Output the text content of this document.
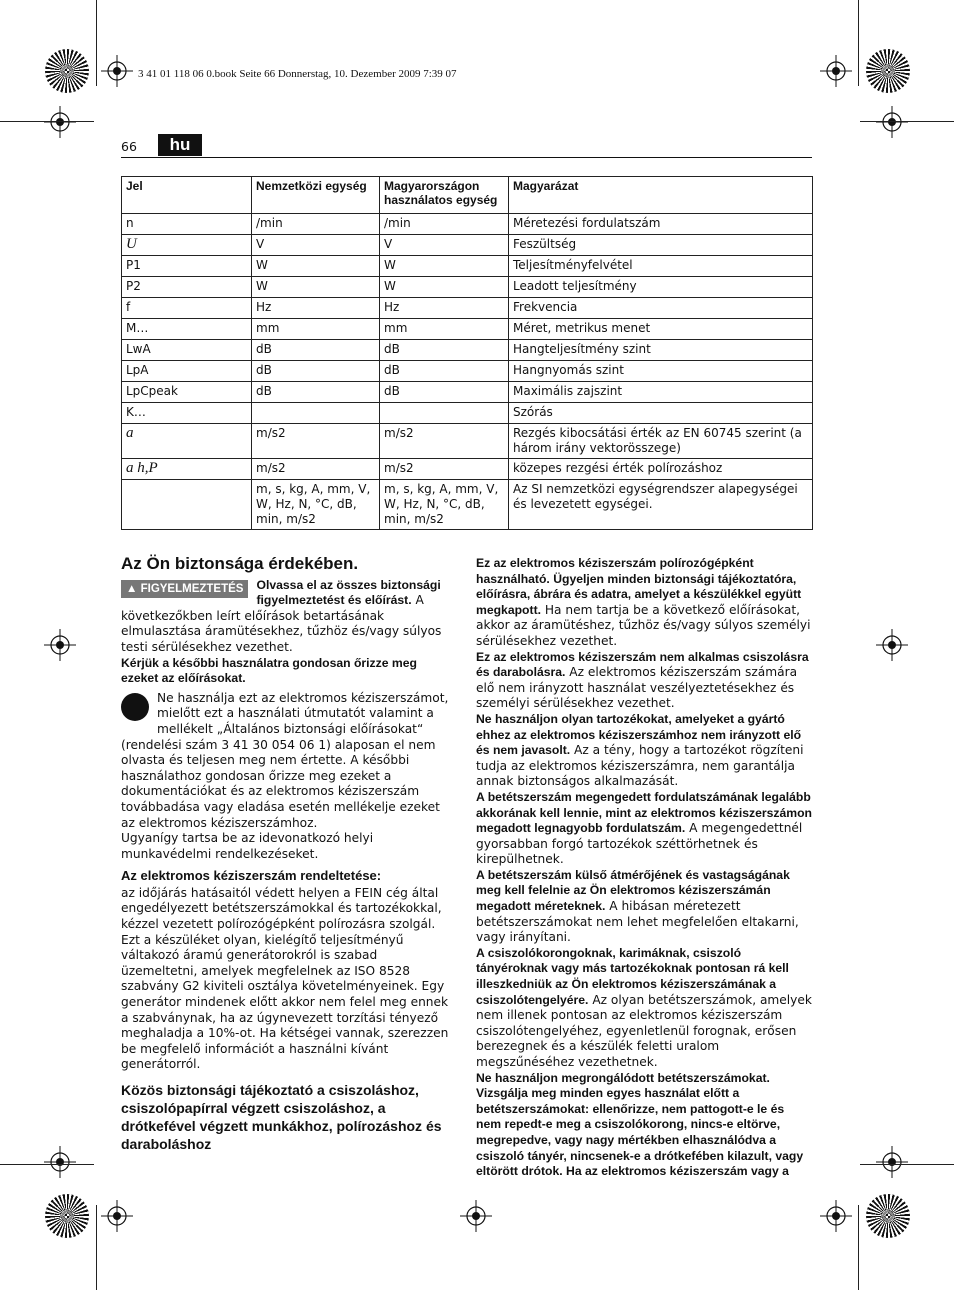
3 41 01 118 06 0.book Seite 66 Donnerstag, 10. Dezember 2009 7:39 07
66	hu
Jel	Nemzetközi egység	Magyarországon használatos egység	Magyarázat
n	/min	/min	Méretezési fordulatszám
U	V	V	Feszültség
P1	W	W	Teljesítményfelvétel
P2	W	W	Leadott teljesítmény
f	Hz	Hz	Frekvencia
M…	mm	mm	Méret, metrikus menet
LwA	dB	dB	Hangteljesítmény szint
LpA	dB	dB	Hangnyomás szint
LpCpeak	dB	dB	Maximális zajszint
K…			Szórás
a	m/s2	m/s2	Rezgés kibocsátási érték az EN 60745 szerint (a három irány vektorösszege)
a h,P	m/s2	m/s2	közepes rezgési érték polírozáshoz
	m, s, kg, A, mm, V, W, Hz, N, °C, dB, min, m/s2	m, s, kg, A, mm, V, W, Hz, N, °C, dB, min, m/s2	Az SI nemzetközi egységrendszer alapegységei és levezetett egységei.
Az Ön biztonsága érdekében.

▲ FIGYELMEZTETÉS	Olvassa el az összes biztonsági figyelmeztetést és előírást. A következőkben leírt előírások betartásának elmulasztása áramütésekhez, tűzhöz és/vagy súlyos testi sérülésekhez vezethet.

Kérjük a későbbi használatra gondosan őrizze meg ezeket az előírásokat.

Ne használja ezt az elektromos kéziszerszámot, mielőtt ezt a használati útmutatót valamint a mellékelt „Általános biztonsági előírásokat“ (rendelési szám 3 41 30 054 06 1) alaposan el nem olvasta és teljesen meg nem értette. A későbbi használathoz gondosan őrizze meg ezeket a dokumentációkat és az elektromos kéziszerszám továbbadása vagy eladása esetén mellékelje ezeket az elektromos kéziszerszámhoz.

Ugyanígy tartsa be az idevonatkozó helyi munkavédelmi rendelkezéseket.

Az elektromos kéziszerszám rendeltetése:

az időjárás hatásaitól védett helyen a FEIN cég által engedélyezett betétszerszámokkal és tartozékokkal, kézzel vezetett polírozógépként polírozásra szolgál.

Ezt a készüléket olyan, kielégítő teljesítményű váltakozó áramú generátorokról is szabad üzemeltetni, amelyek megfelelnek az ISO 8528 szabvány G2 kiviteli osztálya követelményeinek. Egy generátor mindenek előtt akkor nem felel meg ennek a szabványnak, ha az úgynevezett torzítási tényező meghaladja a 10%-ot. Ha kétségei vannak, szerezzen be megfelelő információt a használni kívánt generátorról.

Közös biztonsági tájékoztató a csiszoláshoz, csiszolópapírral végzett csiszoláshoz, a drótkefével végzett munkákhoz, polírozáshoz és daraboláshoz

Ez az elektromos kéziszerszám polírozógépként használható. Ügyeljen minden biztonsági tájékoztatóra, előírásra, ábrára és adatra, amelyet a készülékkel együtt megkapott. Ha nem tartja be a következő előírásokat, akkor az áramütéshez, tűzhöz és/vagy súlyos személyi sérülésekhez vezethet.

Ez az elektromos kéziszerszám nem alkalmas csiszolásra és darabolásra. Az elektromos kéziszerszám számára elő nem irányzott használat veszélyeztetésekhez és személyi sérülésekhez vezethet.

Ne használjon olyan tartozékokat, amelyeket a gyártó ehhez az elektromos kéziszerszámhoz nem irányzott elő és nem javasolt. Az a tény, hogy a tartozékot rögzíteni tudja az elektromos kéziszerszámra, nem garantálja annak biztonságos alkalmazását.

A betétszerszám megengedett fordulatszámának legalább akkorának kell lennie, mint az elektromos kéziszerszámon megadott legnagyobb fordulatszám. A megengedettnél gyorsabban forgó tartozékok széttörhetnek és kirepülhetnek.

A betétszerszám külső átmérőjének és vastagságának meg kell felelnie az Ön elektromos kéziszerszámán megadott méreteknek. A hibásan méretezett betétszerszámokat nem lehet megfelelően eltakarni, vagy irányítani.

A csiszolókorongoknak, karimáknak, csiszoló tányéroknak vagy más tartozékoknak pontosan rá kell illeszkedniük az Ön elektromos kéziszerszámának a csiszolótengelyére. Az olyan betétszerszámok, amelyek nem illenek pontosan az elektromos kéziszerszám csiszolótengelyéhez, egyenletlenül forognak, erősen berezegnek és a készülék feletti uralom megszűnéséhez vezethetnek.

Ne használjon megrongálódott betétszerszámokat. Vizsgálja meg minden egyes használat előtt a betétszerszámokat: ellenőrizze, nem pattogott-e le és nem repedt-e meg a csiszolókorong, nincs-e eltörve, megrepedve, vagy nagy mértékben elhasználódva a csiszoló tányér, nincsenek-e a drótkefében kilazult, vagy eltörött drótok. Ha az elektromos kéziszerszám vagy a
